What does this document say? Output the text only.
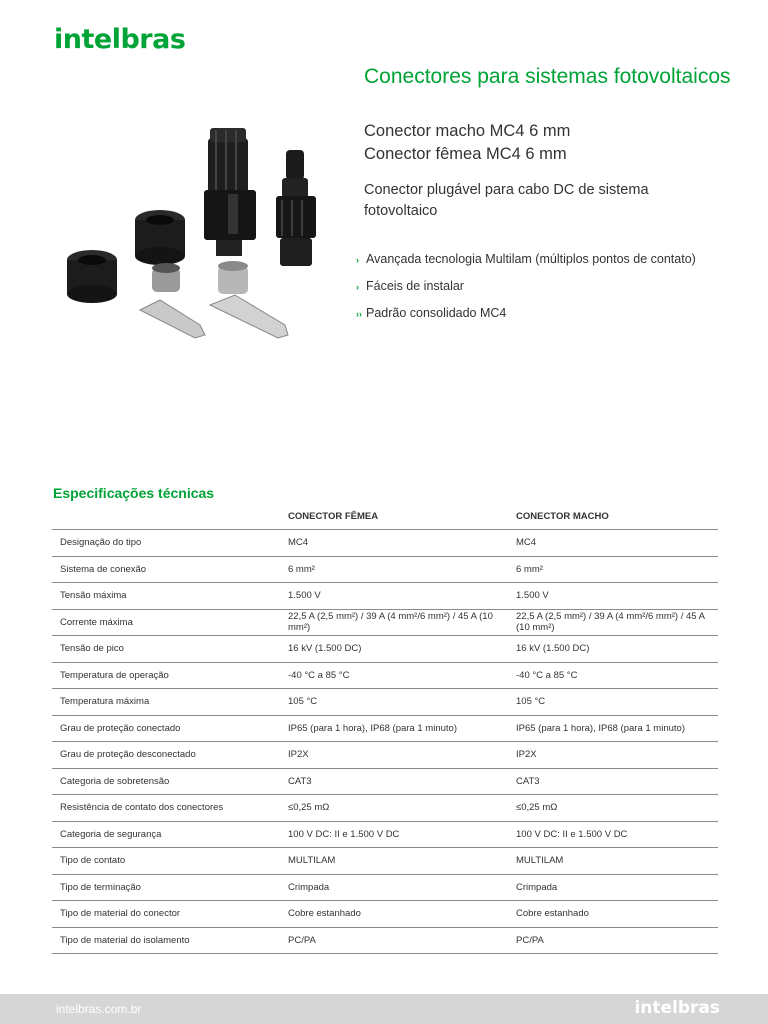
intelbras
Conectores para sistemas fotovoltaicos
Conector macho MC4 6 mm
Conector fêmea MC4 6 mm
Conector plugável para cabo DC de sistema fotovoltaico
› Avançada tecnologia Multilam (múltiplos pontos de contato)
› Fáceis de instalar
›› Padrão consolidado MC4
Especificações técnicas
	CONECTOR FÊMEA	CONECTOR MACHO
Designação do tipo	MC4	MC4
Sistema de conexão	6 mm²	6 mm²
Tensão máxima	1.500 V	1.500 V
Corrente máxima	22,5 A (2,5 mm²) / 39 A (4 mm²/6 mm²) / 45 A (10 mm²)	22,5 A (2,5 mm²) / 39 A (4 mm²/6 mm²) / 45 A (10 mm²)
Tensão de pico	16 kV (1.500 DC)	16 kV (1.500 DC)
Temperatura de operação	-40 °C a 85 °C	-40 °C a 85 °C
Temperatura máxima	105 °C	105 °C
Grau de proteção conectado	IP65 (para 1 hora), IP68 (para 1 minuto)	IP65 (para 1 hora), IP68 (para 1 minuto)
Grau de proteção desconectado	IP2X	IP2X
Categoria de sobretensão	CAT3	CAT3
Resistência de contato dos conectores	≤0,25 mΩ	≤0,25 mΩ
Categoria de segurança	100 V DC: II e 1.500 V DC	100 V DC: II e 1.500 V DC
Tipo de contato	MULTILAM	MULTILAM
Tipo de terminação	Crimpada	Crimpada
Tipo de material do conector	Cobre estanhado	Cobre estanhado
Tipo de material do isolamento	PC/PA	PC/PA
intelbras.com.br	intelbras
